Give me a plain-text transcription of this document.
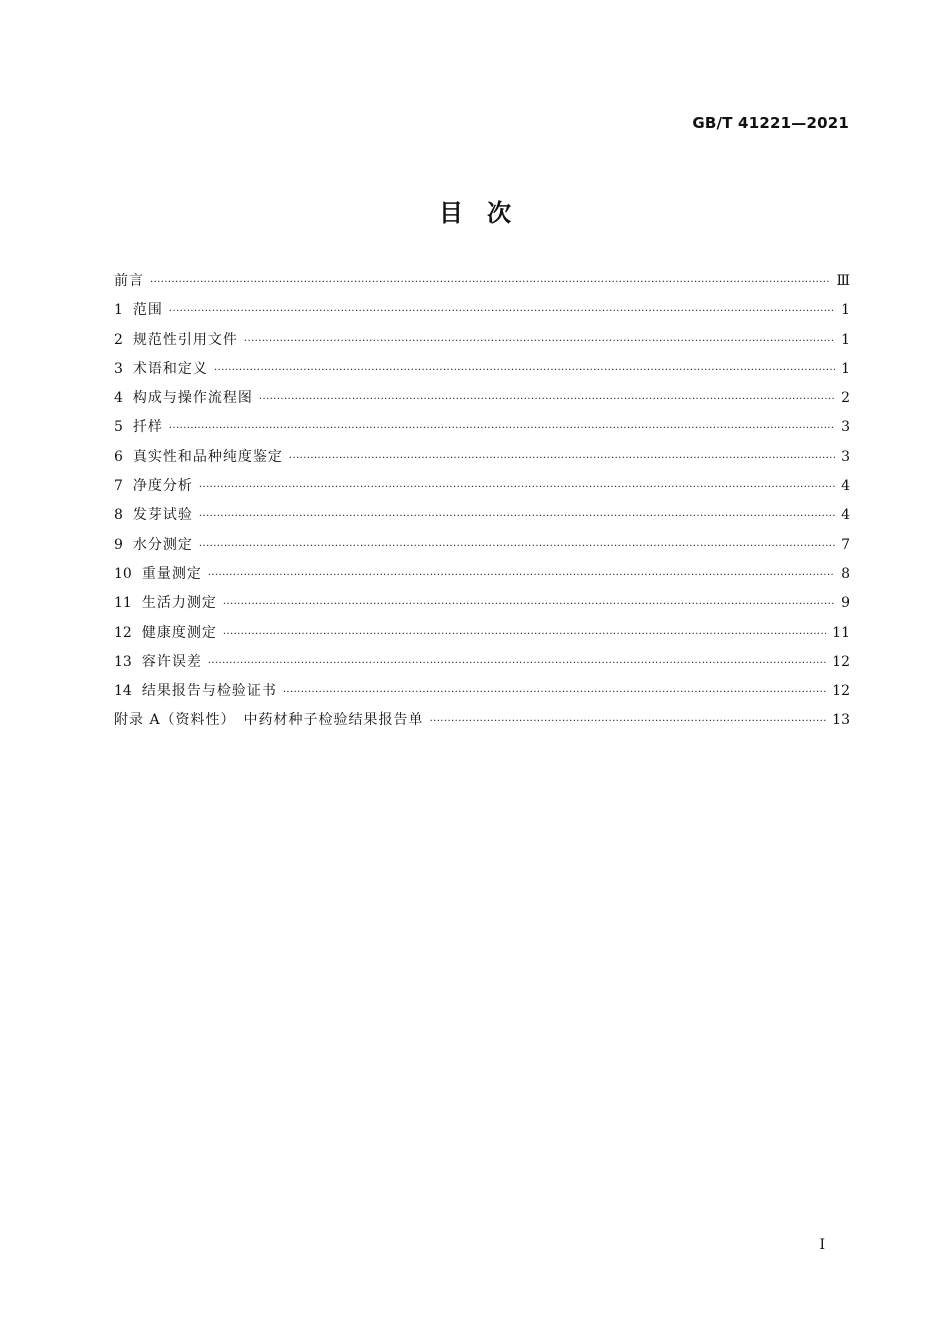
GB/T 41221—2021
目　次
前言 ·····	Ⅲ
1 范围 ·····	1
2 规范性引用文件 ·····	1
3 术语和定义 ·····	1
4 构成与操作流程图 ·····	2
5 扦样 ·····	3
6 真实性和品种纯度鉴定 ·····	3
7 净度分析 ·····	4
8 发芽试验 ·····	4
9 水分测定 ·····	7
10 重量测定 ·····	8
11 生活力测定 ·····	9
12 健康度测定 ·····	11
13 容许误差 ·····	12
14 结果报告与检验证书 ·····	12
附录 A（资料性）　中药材种子检验结果报告单 ·····	13
Ⅰ
